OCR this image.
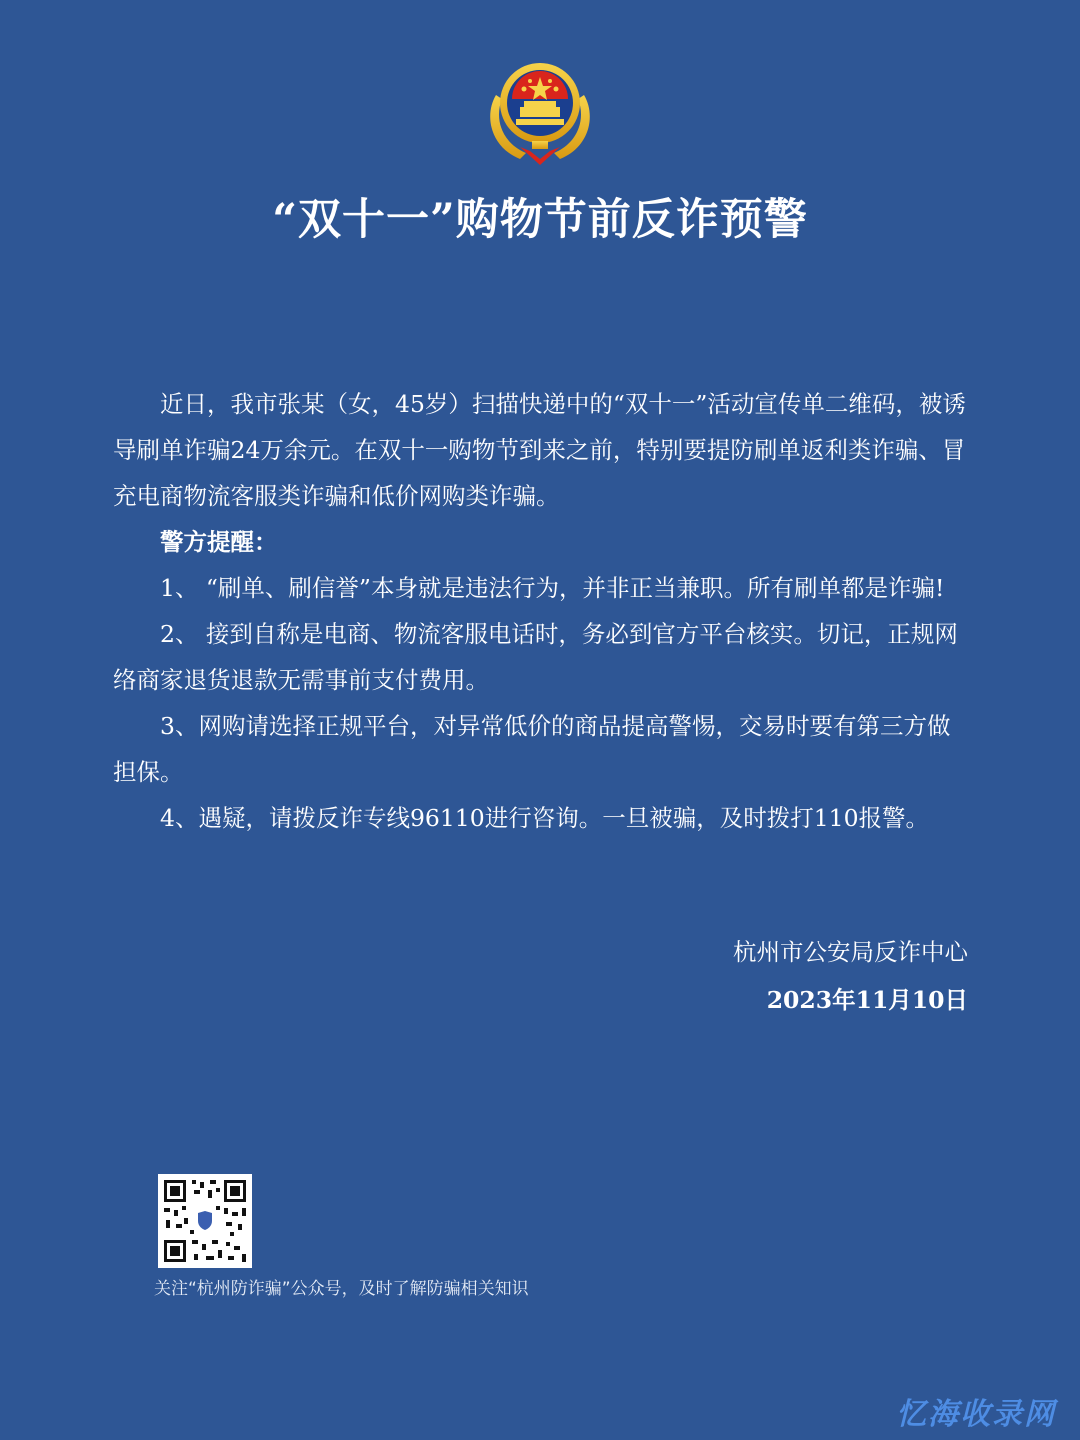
“双十一”购物节前反诈预警

近日，我市张某（女，45岁）扫描快递中的“双十一”活动宣传单二维码，被诱导刷单诈骗24万余元。在双十一购物节到来之前，特别要提防刷单返利类诈骗、冒充电商物流客服类诈骗和低价网购类诈骗。

警方提醒：

1、 “刷单、刷信誉”本身就是违法行为，并非正当兼职。所有刷单都是诈骗!

2、 接到自称是电商、物流客服电话时，务必到官方平台核实。切记，正规网络商家退货退款无需事前支付费用。

3、网购请选择正规平台，对异常低价的商品提高警惕，交易时要有第三方做担保。

4、遇疑，请拨反诈专线96110进行咨询。一旦被骗，及时拨打110报警。

杭州市公安局反诈中心
2023年11月10日
关注“杭州防诈骗”公众号，及时了解防骗相关知识
忆海收录网
